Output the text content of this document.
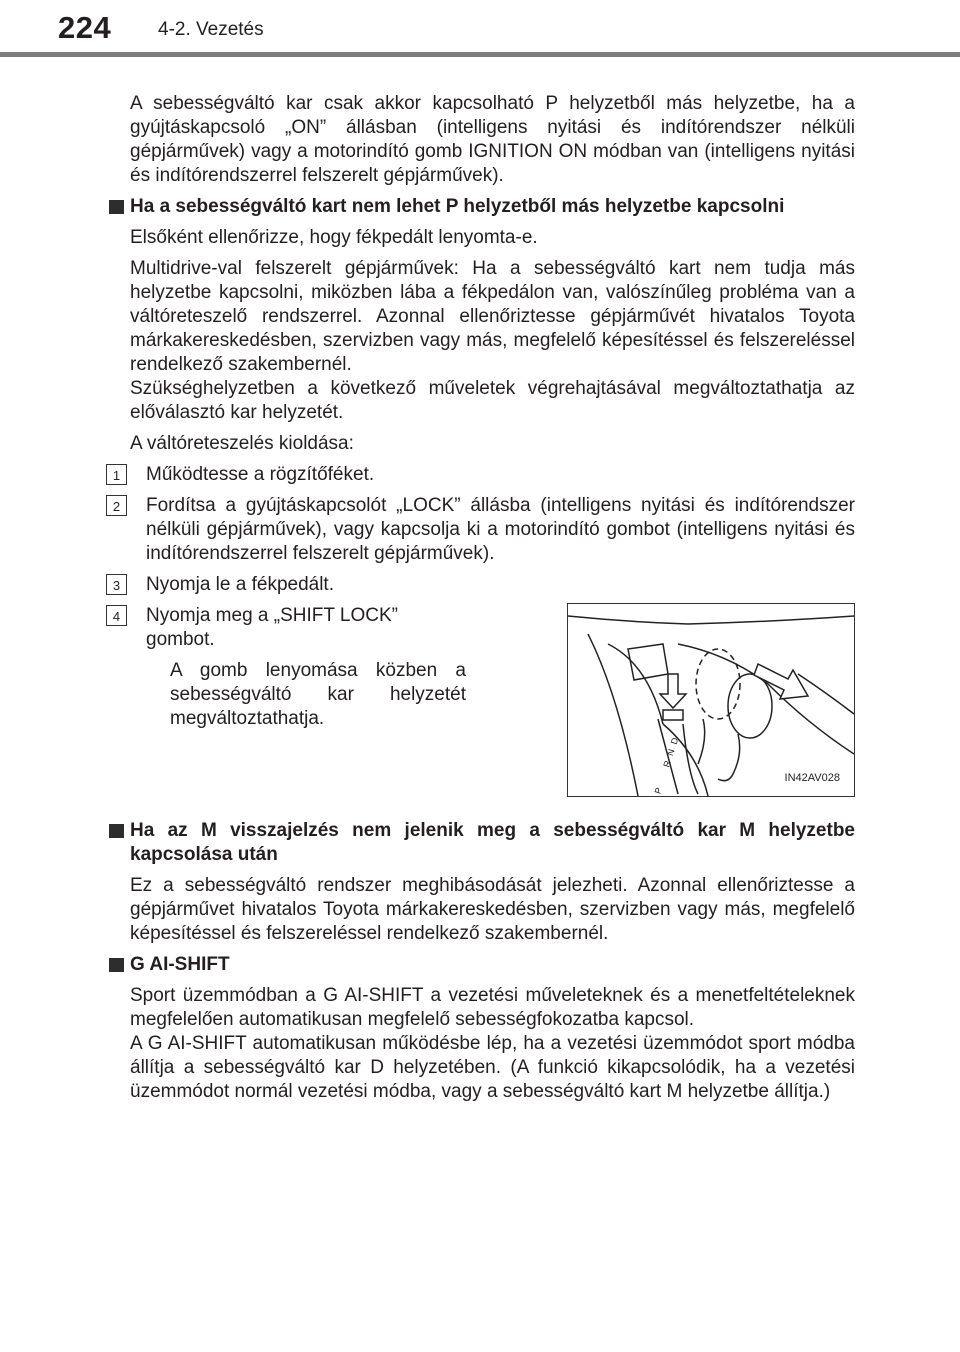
224 4-2. Vezetés

A sebességváltó kar csak akkor kapcsolható P helyzetből más helyzetbe, ha a gyújtáskapcsoló „ON” állásban (intelligens nyitási és indítórendszer nélküli gépjárművek) vagy a motorindító gomb IGNITION ON módban van (intelligens nyitási és indítórendszerrel felszerelt gépjárművek).

Ha a sebességváltó kart nem lehet P helyzetből más helyzetbe kapcsolni

Elsőként ellenőrizze, hogy fékpedált lenyomta-e.

Multidrive-val felszerelt gépjárművek: Ha a sebességváltó kart nem tudja más helyzetbe kapcsolni, miközben lába a fékpedálon van, valószínűleg probléma van a váltóreteszelő rendszerrel. Azonnal ellenőriztesse gépjárművét hivatalos Toyota márkakereskedésben, szervizben vagy más, megfelelő képesítéssel és felszereléssel rendelkező szakembernél.

Szükséghelyzetben a következő műveletek végrehajtásával megváltoztathatja az előválasztó kar helyzetét.

A váltóreteszelés kioldása:

1	Működtesse a rögzítőféket.

2	Fordítsa a gyújtáskapcsolót „LOCK” állásba (intelligens nyitási és indítórendszer nélküli gépjárművek), vagy kapcsolja ki a motorindító gombot (intelligens nyitási és indítórendszerrel felszerelt gépjárművek).

3	Nyomja le a fékpedált.

4	Nyomja meg a „SHIFT LOCK” gombot.

A gomb lenyomása közben a sebességváltó kar helyzetét megváltoztathatja.

P
R
N
D
IN42AV028

Ha az M visszajelzés nem jelenik meg a sebességváltó kar M helyzetbe kapcsolása után

Ez a sebességváltó rendszer meghibásodását jelezheti. Azonnal ellenőriztesse a gépjárművet hivatalos Toyota márkakereskedésben, szervizben vagy más, megfelelő képesítéssel és felszereléssel rendelkező szakembernél.

G AI-SHIFT

Sport üzemmódban a G AI-SHIFT a vezetési műveleteknek és a menetfeltételeknek megfelelően automatikusan megfelelő sebességfokozatba kapcsol.

A G AI-SHIFT automatikusan működésbe lép, ha a vezetési üzemmódot sport módba állítja a sebességváltó kar D helyzetében. (A funkció kikapcsolódik, ha a vezetési üzemmódot normál vezetési módba, vagy a sebességváltó kart M helyzetbe állítja.)
